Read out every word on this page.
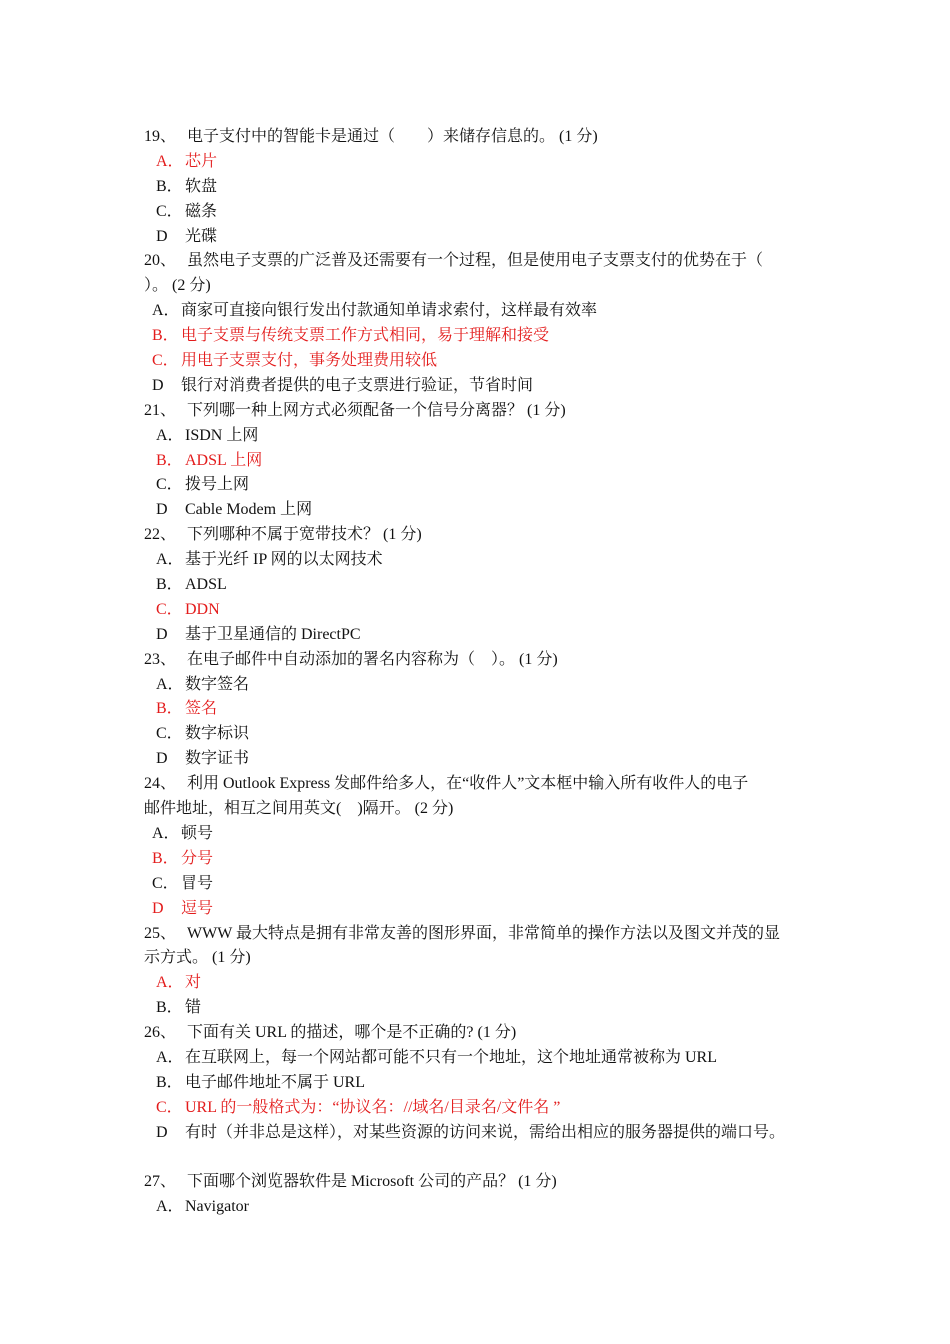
19、 电子支付中的智能卡是通过（　　）来储存信息的。 (1 分)
A． 芯片
B． 软盘
C． 磁条
D 光碟
20、 虽然电子支票的广泛普及还需要有一个过程，但是使用电子支票支付的优势在于（
）。 (2 分)
A． 商家可直接向银行发出付款通知单请求索付，这样最有效率
B． 电子支票与传统支票工作方式相同，易于理解和接受
C． 用电子支票支付，事务处理费用较低
D 银行对消费者提供的电子支票进行验证，节省时间
21、 下列哪一种上网方式必须配备一个信号分离器？ (1 分)
A． ISDN 上网
B． ADSL 上网
C． 拨号上网
D Cable Modem 上网
22、 下列哪种不属于宽带技术？ (1 分)
A． 基于光纤 IP 网的以太网技术
B． ADSL
C． DDN
D 基于卫星通信的 DirectPC
23、 在电子邮件中自动添加的署名内容称为（　）。 (1 分)
A． 数字签名
B． 签名
C． 数字标识
D 数字证书
24、 利用 Outlook Express 发邮件给多人，在“收件人”文本框中输入所有收件人的电子
邮件地址，相互之间用英文(　)隔开。 (2 分)
A． 顿号
B． 分号
C． 冒号
D 逗号
25、 WWW 最大特点是拥有非常友善的图形界面，非常简单的操作方法以及图文并茂的显
示方式。 (1 分)
A． 对
B． 错
26、 下面有关 URL 的描述，哪个是不正确的? (1 分)
A． 在互联网上，每一个网站都可能不只有一个地址，这个地址通常被称为 URL
B． 电子邮件地址不属于 URL
C． URL 的一般格式为：“协议名：//域名/目录名/文件名 ”
D 有时（并非总是这样），对某些资源的访问来说，需给出相应的服务器提供的端口号。
27、 下面哪个浏览器软件是 Microsoft 公司的产品？ (1 分)
A． Navigator
